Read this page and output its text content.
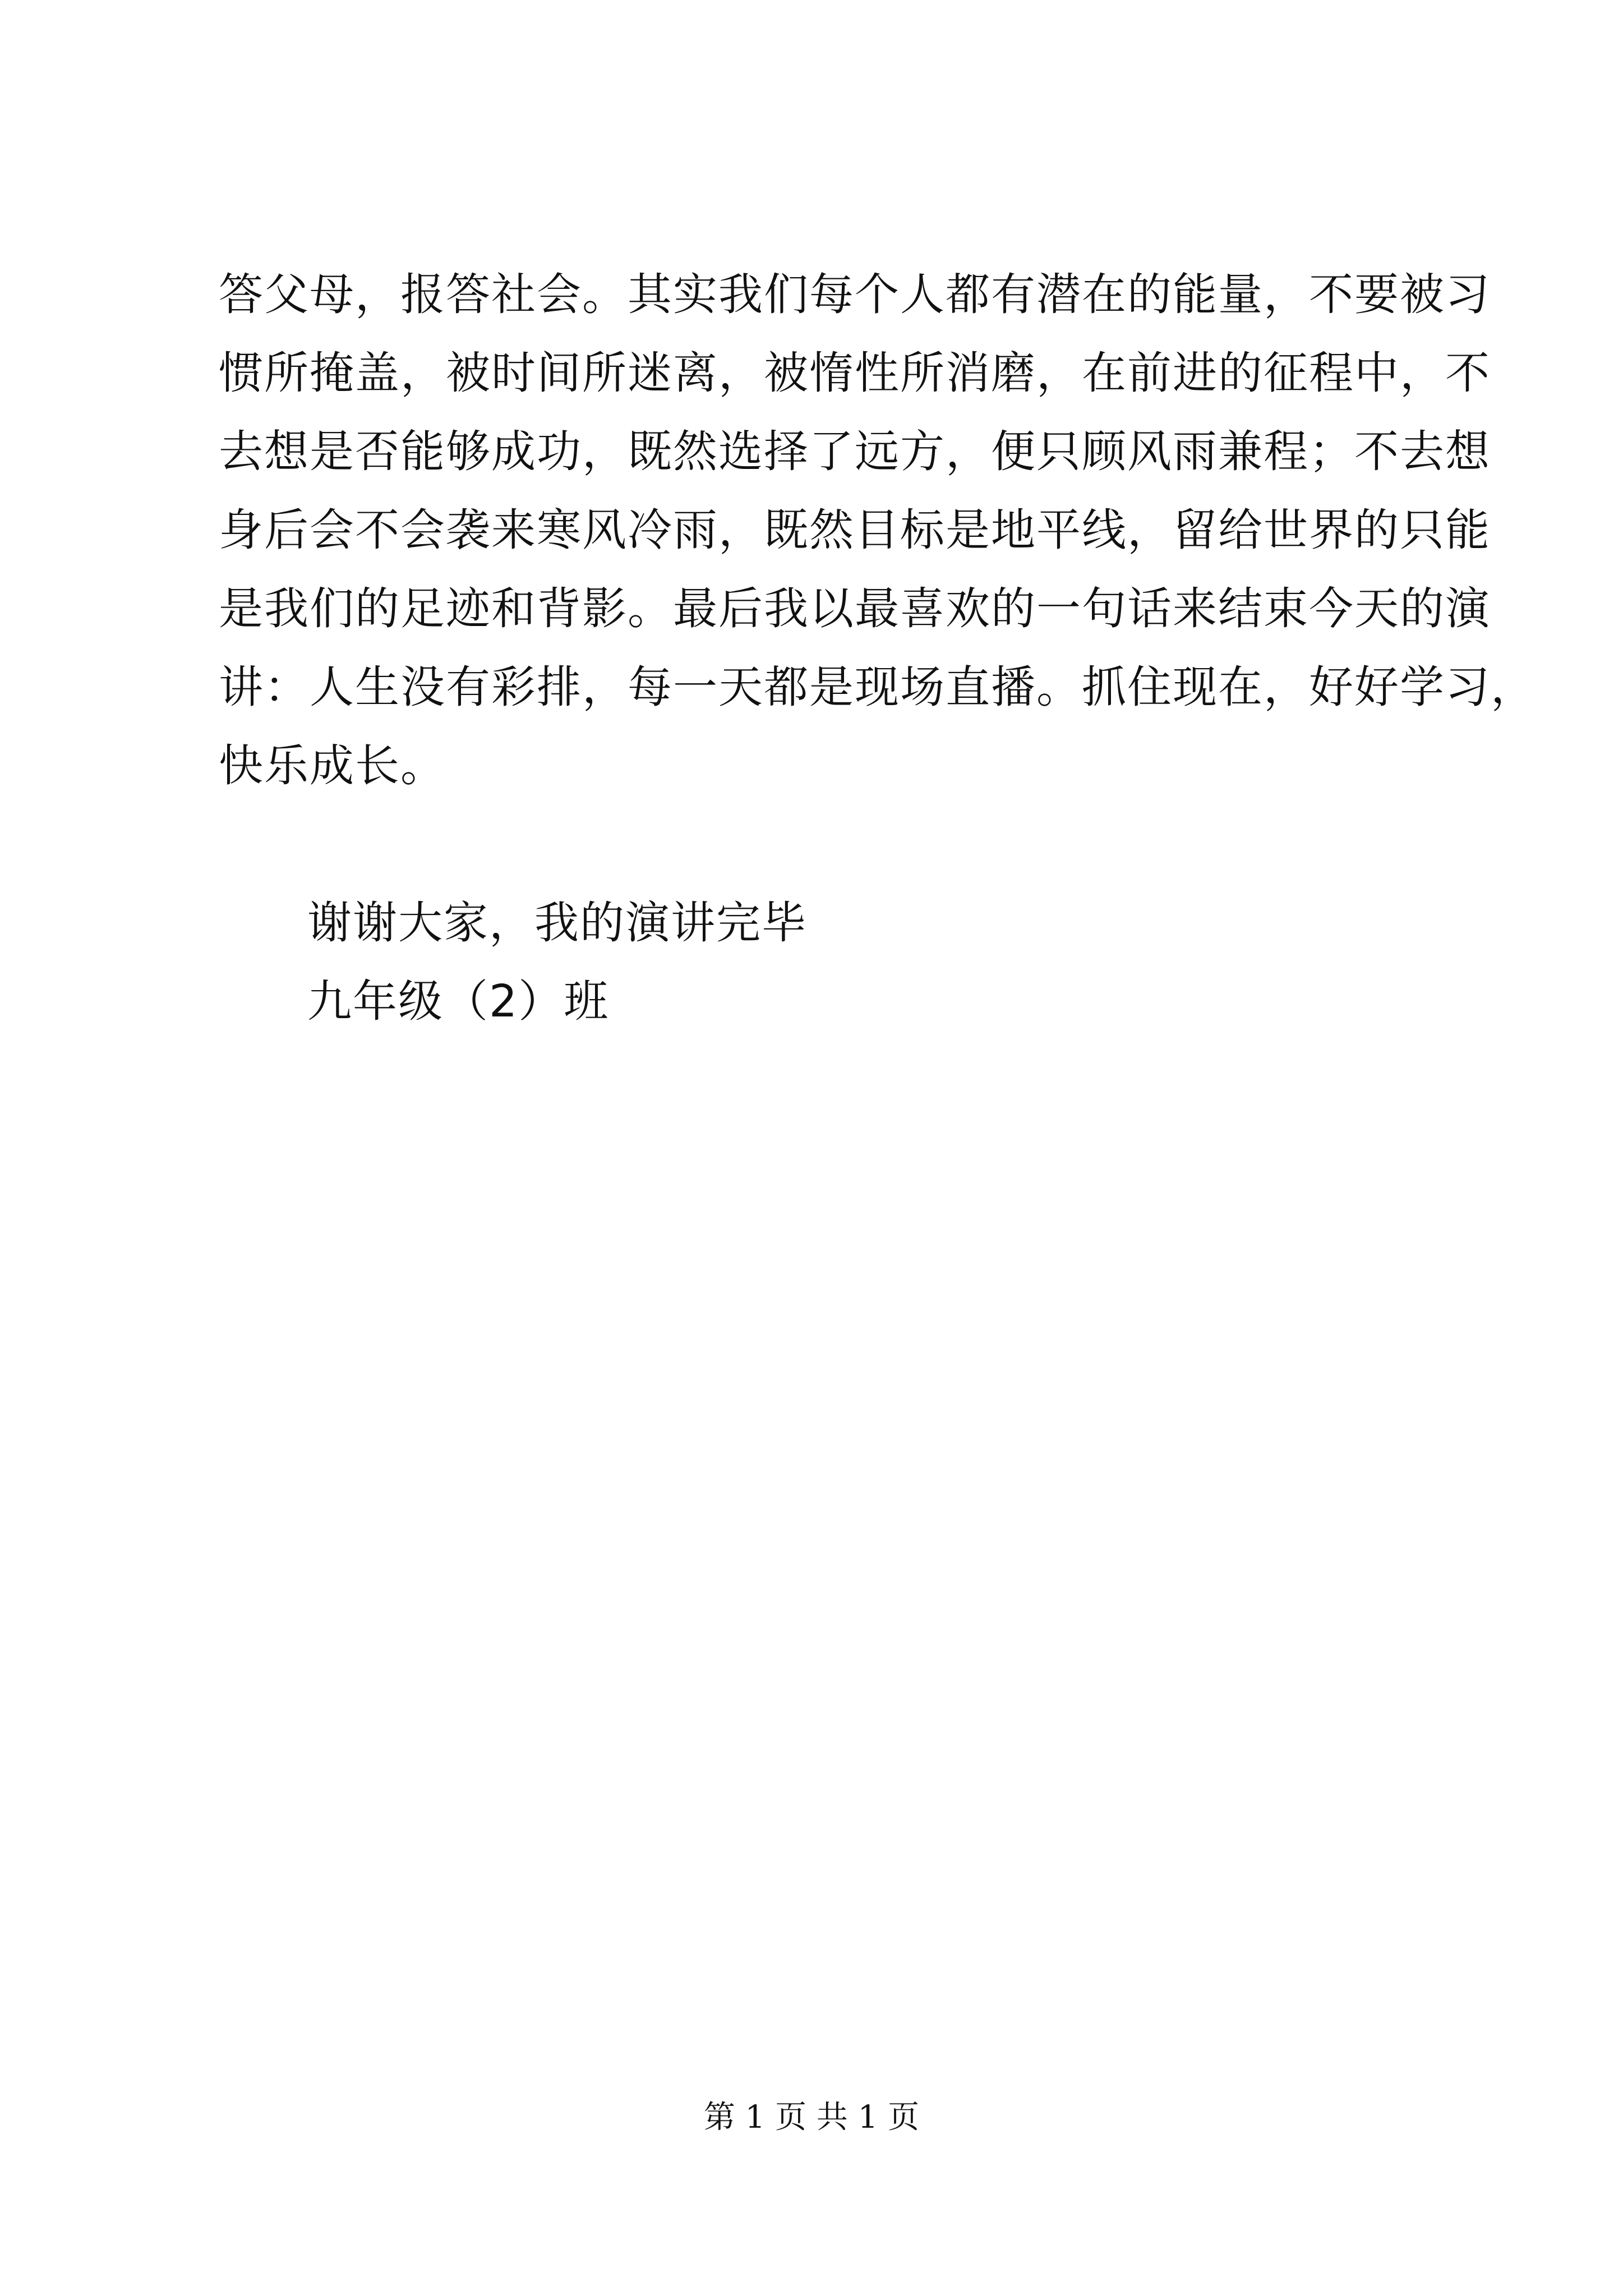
答父母，报答社会。其实我们每个人都有潜在的能量，不要被习
惯所掩盖，被时间所迷离，被惰性所消磨，在前进的征程中，不
去想是否能够成功，既然选择了远方，便只顾风雨兼程；不去想
身后会不会袭来寒风冷雨，既然目标是地平线，留给世界的只能
是我们的足迹和背影。最后我以最喜欢的一句话来结束今天的演
讲：人生没有彩排，每一天都是现场直播。抓住现在，好好学习，
快乐成长。
谢谢大家，我的演讲完毕
九年级（2）班
第 1 页 共 1 页
